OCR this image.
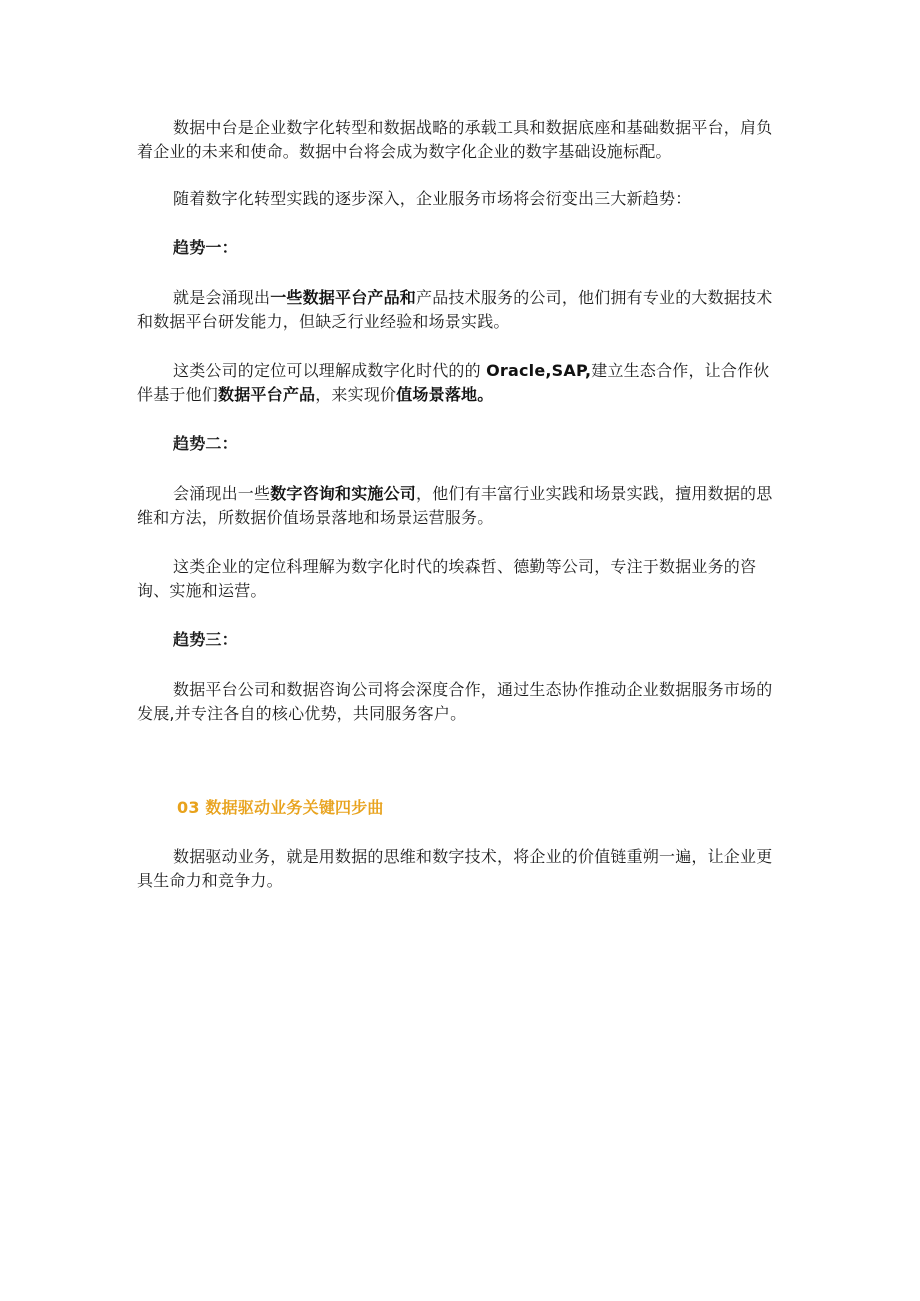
数据中台是企业数字化转型和数据战略的承载工具和数据底座和基础数据平台，肩负着企业的未来和使命。数据中台将会成为数字化企业的数字基础设施标配。

随着数字化转型实践的逐步深入，企业服务市场将会衍变出三大新趋势：

趋势一：

就是会涌现出一些数据平台产品和产品技术服务的公司，他们拥有专业的大数据技术和数据平台研发能力，但缺乏行业经验和场景实践。

这类公司的定位可以理解成数字化时代的的 Oracle,SAP,建立生态合作，让合作伙伴基于他们数据平台产品，来实现价值场景落地。

趋势二：

会涌现出一些数字咨询和实施公司，他们有丰富行业实践和场景实践，擅用数据的思维和方法，所数据价值场景落地和场景运营服务。

这类企业的定位科理解为数字化时代的埃森哲、德勤等公司，专注于数据业务的咨询、实施和运营。

趋势三：

数据平台公司和数据咨询公司将会深度合作，通过生态协作推动企业数据服务市场的发展,并专注各自的核心优势，共同服务客户。

03 数据驱动业务关键四步曲

数据驱动业务，就是用数据的思维和数字技术，将企业的价值链重朔一遍，让企业更具生命力和竞争力。
